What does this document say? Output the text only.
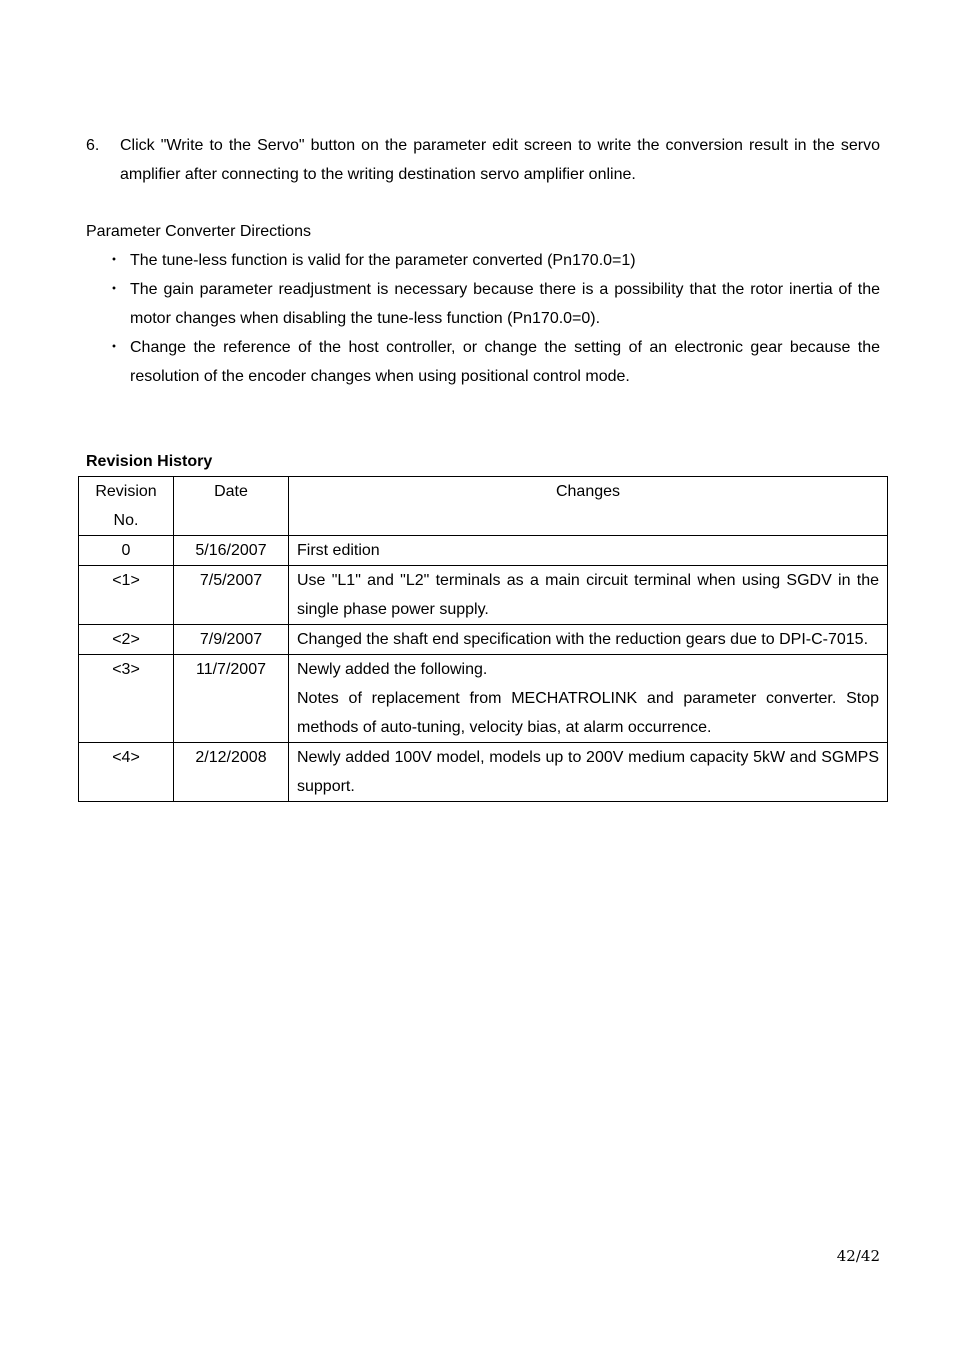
6.	Click "Write to the Servo" button on the parameter edit screen to write the conversion result in the servo amplifier after connecting to the writing destination servo amplifier online.
Parameter Converter Directions
・ The tune-less function is valid for the parameter converted (Pn170.0=1)
・ The gain parameter readjustment is necessary because there is a possibility that the rotor inertia of the motor changes when disabling the tune-less function (Pn170.0=0).
・ Change the reference of the host controller, or change the setting of an electronic gear because the resolution of the encoder changes when using positional control mode.
Revision History
Revision No.	Date	Changes
0	5/16/2007	First edition

<1>	7/5/2007	Use "L1" and "L2" terminals as a main circuit terminal when using SGDV in the single phase power supply.

<2>	7/9/2007	Changed the shaft end specification with the reduction gears due to DPI-C-7015.

<3>	11/7/2007	Newly added the following.
Notes of replacement from MECHATROLINK and parameter converter. Stop methods of auto-tuning, velocity bias, at alarm occurrence.

<4>	2/12/2008	Newly added 100V model, models up to 200V medium capacity 5kW and SGMPS support.
42/42
